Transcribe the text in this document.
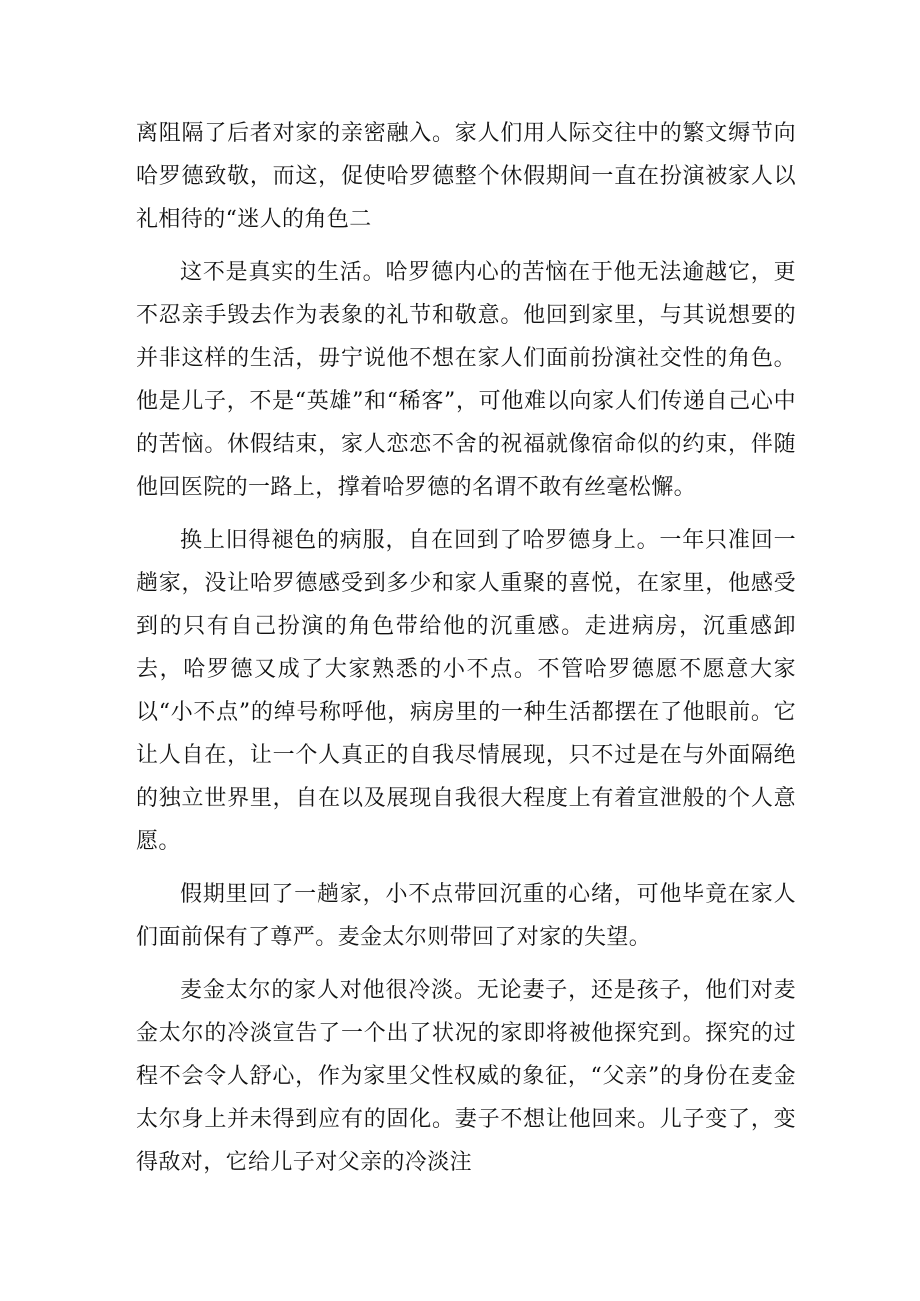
离阻隔了后者对家的亲密融入。家人们用人际交往中的繁文缛节向哈罗德致敬，而这，促使哈罗德整个休假期间一直在扮演被家人以礼相待的“迷人的角色二

这不是真实的生活。哈罗德内心的苦恼在于他无法逾越它，更不忍亲手毁去作为表象的礼节和敬意。他回到家里，与其说想要的并非这样的生活，毋宁说他不想在家人们面前扮演社交性的角色。他是儿子，不是“英雄”和“稀客”，可他难以向家人们传递自己心中的苦恼。休假结束，家人恋恋不舍的祝福就像宿命似的约束，伴随他回医院的一路上，撑着哈罗德的名谓不敢有丝毫松懈。

换上旧得褪色的病服，自在回到了哈罗德身上。一年只准回一趟家，没让哈罗德感受到多少和家人重聚的喜悦，在家里，他感受到的只有自己扮演的角色带给他的沉重感。走进病房，沉重感卸去，哈罗德又成了大家熟悉的小不点。不管哈罗德愿不愿意大家以“小不点”的绰号称呼他，病房里的一种生活都摆在了他眼前。它让人自在，让一个人真正的自我尽情展现，只不过是在与外面隔绝的独立世界里，自在以及展现自我很大程度上有着宣泄般的个人意愿。

假期里回了一趟家，小不点带回沉重的心绪，可他毕竟在家人们面前保有了尊严。麦金太尔则带回了对家的失望。

麦金太尔的家人对他很冷淡。无论妻子，还是孩子，他们对麦金太尔的冷淡宣告了一个出了状况的家即将被他探究到。探究的过程不会令人舒心，作为家里父性权威的象征，“父亲”的身份在麦金太尔身上并未得到应有的固化。妻子不想让他回来。儿子变了，变得敌对，它给儿子对父亲的冷淡注
